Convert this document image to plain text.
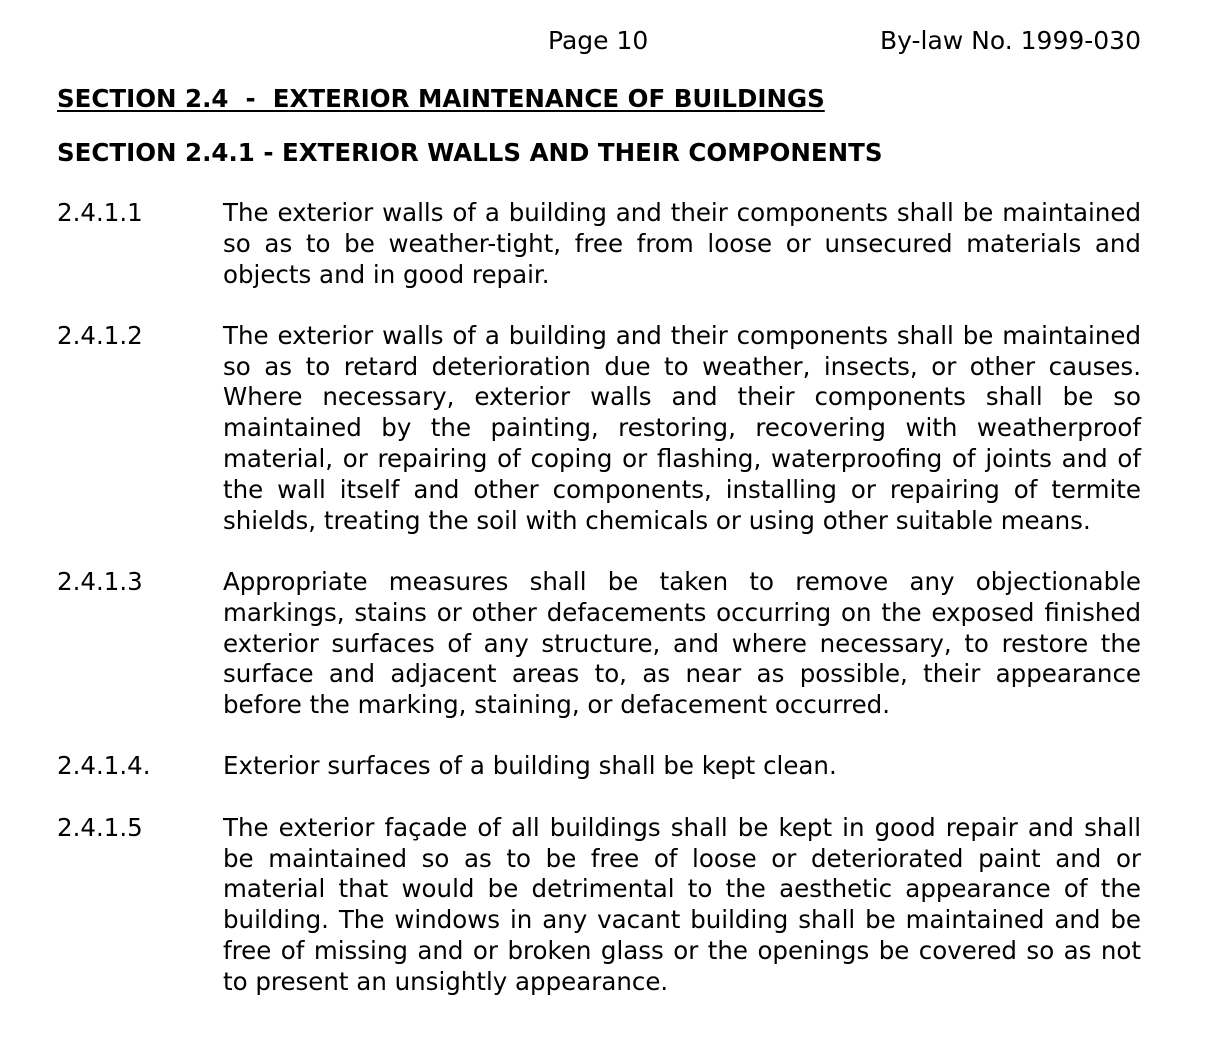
Page 10	By-law No. 1999-030
SECTION 2.4  -  EXTERIOR MAINTENANCE OF BUILDINGS
SECTION 2.4.1 - EXTERIOR WALLS AND THEIR COMPONENTS
2.4.1.1	The exterior walls of a building and their components shall be maintained so as to be weather-tight, free from loose or unsecured materials and objects and in good repair.

2.4.1.2	The exterior walls of a building and their components shall be maintained so as to retard deterioration due to weather, insects, or other causes. Where necessary, exterior walls and their components shall be so maintained by the painting, restoring, recovering with weatherproof material, or repairing of coping or flashing, waterproofing of joints and of the wall itself and other components, installing or repairing of termite shields, treating the soil with chemicals or using other suitable means.

2.4.1.3	Appropriate measures shall be taken to remove any objectionable markings, stains or other defacements occurring on the exposed finished exterior surfaces of any structure, and where necessary, to restore the surface and adjacent areas to, as near as possible, their appearance before the marking, staining, or defacement occurred.

2.4.1.4.	Exterior surfaces of a building shall be kept clean.

2.4.1.5	The exterior façade of all buildings shall be kept in good repair and shall be maintained so as to be free of loose or deteriorated paint and or material that would be detrimental to the aesthetic appearance of the building. The windows in any vacant building shall be maintained and be free of missing and or broken glass or the openings be covered so as not to present an unsightly appearance.
